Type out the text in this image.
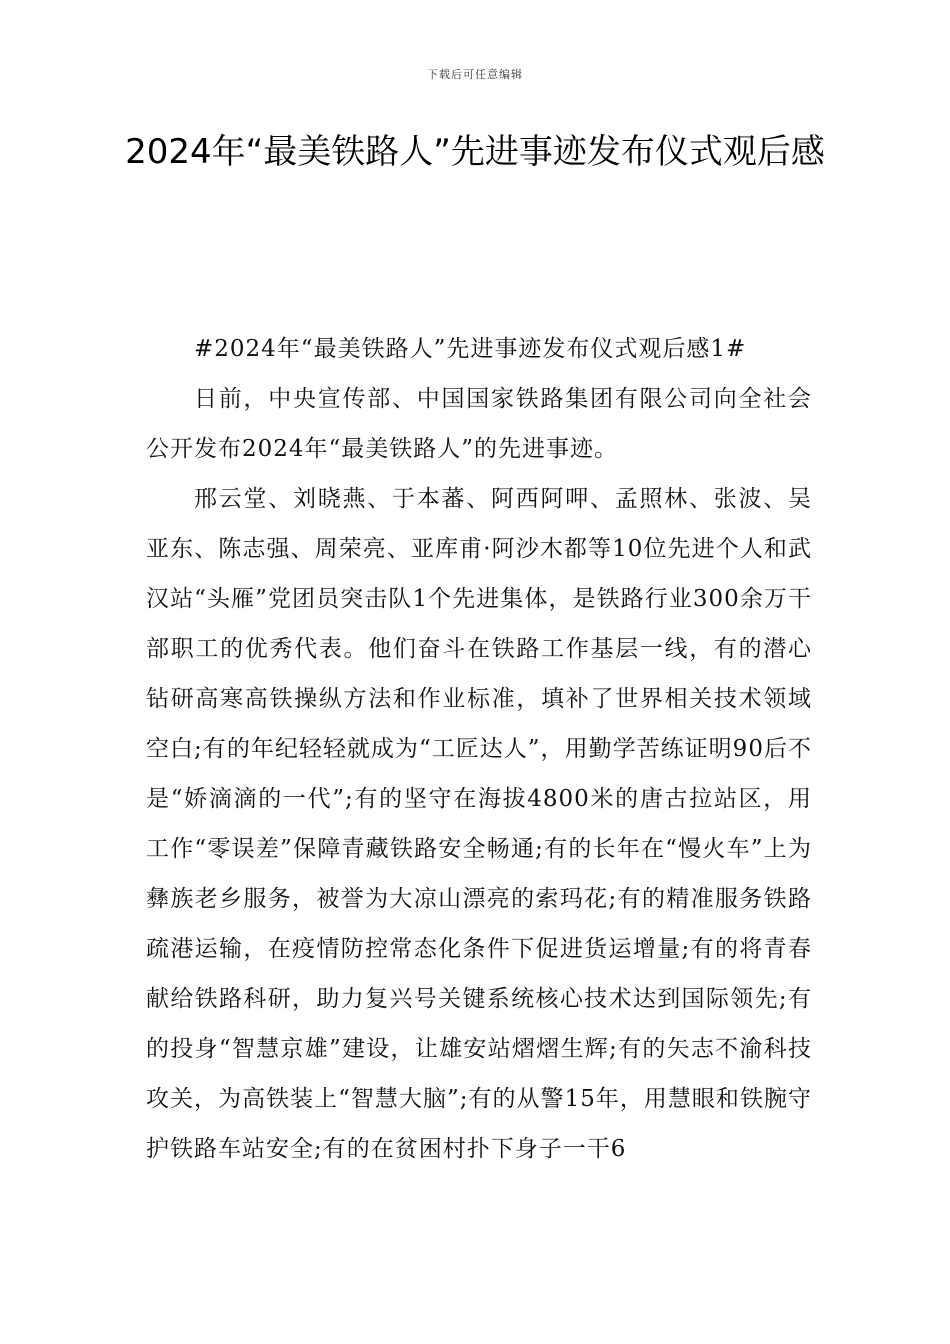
下载后可任意编辑
2024年“最美铁路人”先进事迹发布仪式观后感

#2024年“最美铁路人”先进事迹发布仪式观后感1#

日前，中央宣传部、中国国家铁路集团有限公司向全社会公开发布2024年“最美铁路人”的先进事迹。

邢云堂、刘晓燕、于本蕃、阿西阿呷、孟照林、张波、吴亚东、陈志强、周荣亮、亚库甫·阿沙木都等10位先进个人和武汉站“头雁”党团员突击队1个先进集体，是铁路行业300余万干部职工的优秀代表。他们奋斗在铁路工作基层一线，有的潜心钻研高寒高铁操纵方法和作业标准，填补了世界相关技术领域空白;有的年纪轻轻就成为“工匠达人”，用勤学苦练证明90后不是“娇滴滴的一代”;有的坚守在海拔4800米的唐古拉站区，用工作“零误差”保障青藏铁路安全畅通;有的长年在“慢火车”上为彝族老乡服务，被誉为大凉山漂亮的索玛花;有的精准服务铁路疏港运输，在疫情防控常态化条件下促进货运增量;有的将青春献给铁路科研，助力复兴号关键系统核心技术达到国际领先;有的投身“智慧京雄”建设，让雄安站熠熠生辉;有的矢志不渝科技攻关，为高铁装上“智慧大脑”;有的从警15年，用慧眼和铁腕守护铁路车站安全;有的在贫困村扑下身子一干6
